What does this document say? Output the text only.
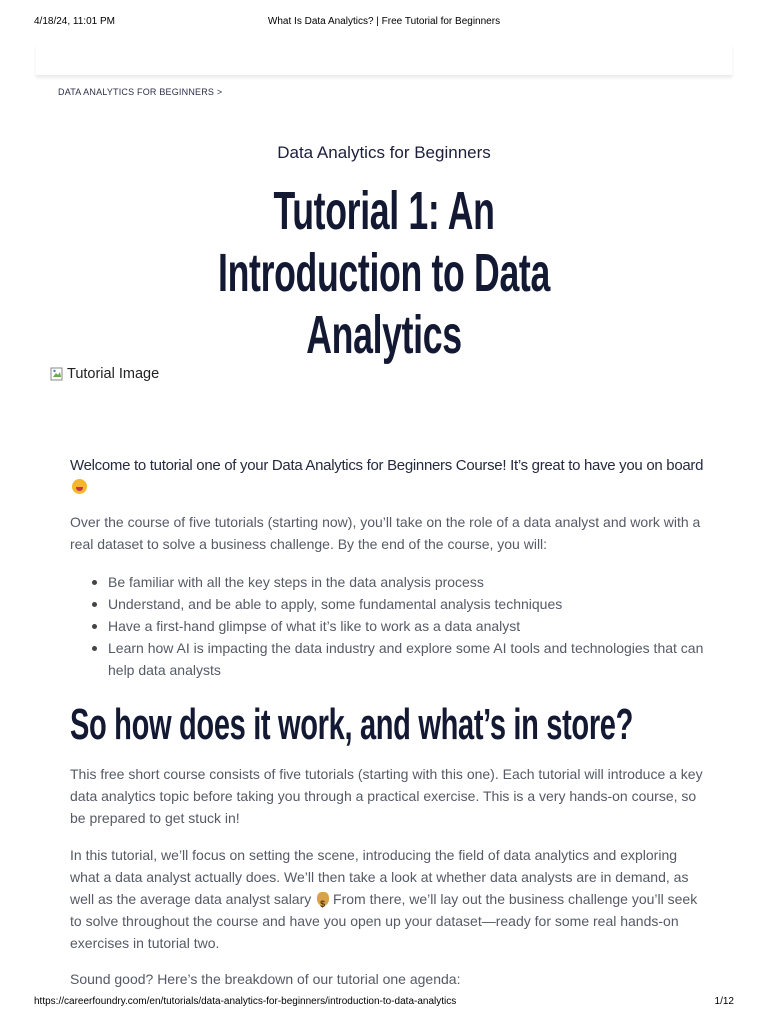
4/18/24, 11:01 PM	What Is Data Analytics? | Free Tutorial for Beginners
DATA ANALYTICS FOR BEGINNERS >
Data Analytics for Beginners
Tutorial 1: An Introduction to Data Analytics
Tutorial Image
Welcome to tutorial one of your Data Analytics for Beginners Course! It’s great to have you on board
Over the course of five tutorials (starting now), you’ll take on the role of a data analyst and work with a real dataset to solve a business challenge. By the end of the course, you will:
Be familiar with all the key steps in the data analysis process
Understand, and be able to apply, some fundamental analysis techniques
Have a first-hand glimpse of what it’s like to work as a data analyst
Learn how AI is impacting the data industry and explore some AI tools and technologies that can help data analysts
So how does it work, and what’s in store?
This free short course consists of five tutorials (starting with this one). Each tutorial will introduce a key data analytics topic before taking you through a practical exercise. This is a very hands-on course, so be prepared to get stuck in!
In this tutorial, we’ll focus on setting the scene, introducing the field of data analytics and exploring what a data analyst actually does. We’ll then take a look at whether data analysts are in demand, as well as the average data analyst salary $ From there, we’ll lay out the business challenge you’ll seek to solve throughout the course and have you open up your dataset—ready for some real hands-on exercises in tutorial two.
Sound good? Here’s the breakdown of our tutorial one agenda:
https://careerfoundry.com/en/tutorials/data-analytics-for-beginners/introduction-to-data-analytics	1/12
